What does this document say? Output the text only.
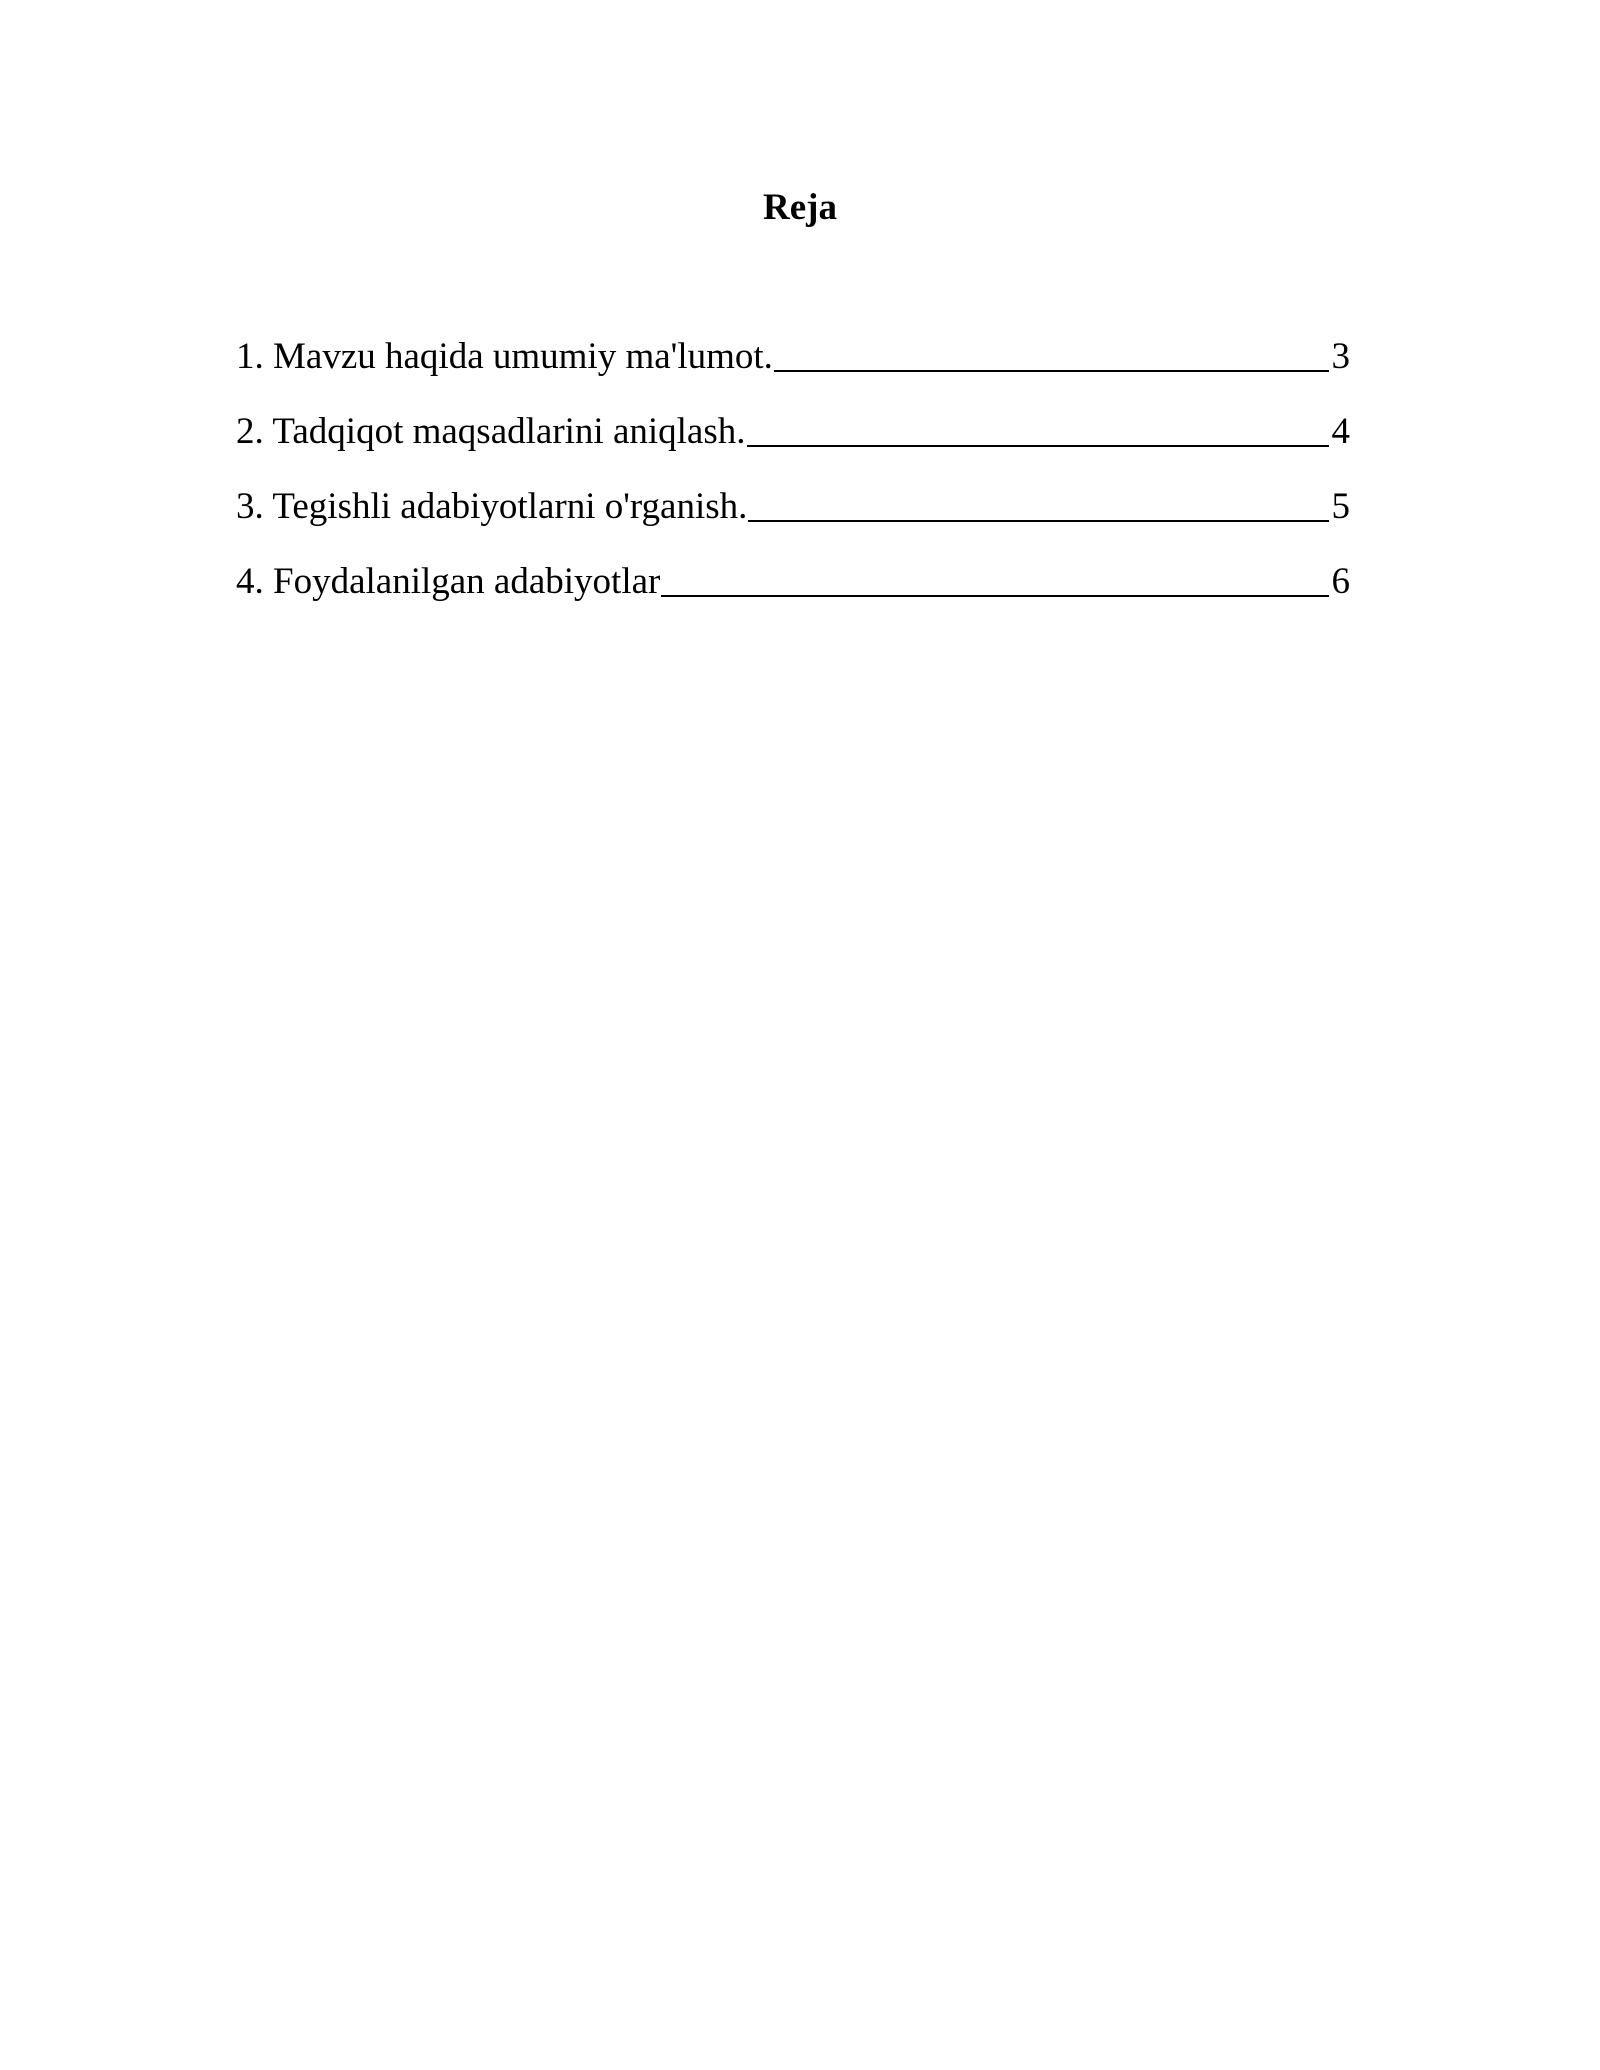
Reja
1. Mavzu haqida umumiy ma'lumot.	3
2. Tadqiqot maqsadlarini aniqlash.	4
3. Tegishli adabiyotlarni o'rganish.	5
4. Foydalanilgan adabiyotlar	6
